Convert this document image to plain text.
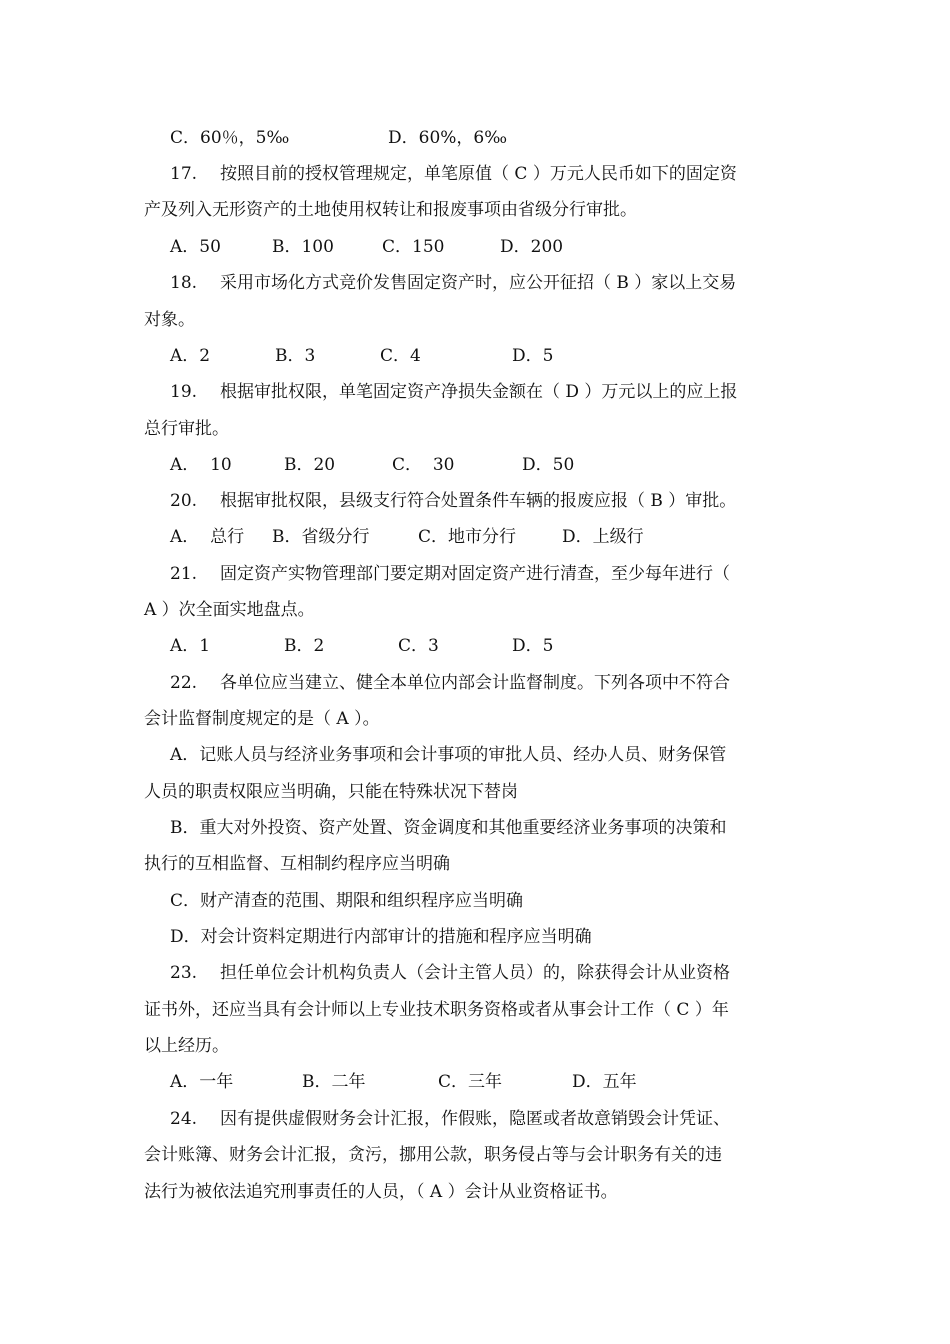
C．60％，5‰	D．60%，6‰
17. 按照目前的授权管理规定，单笔原值（ C ）万元人民币如下的固定资
产及列入无形资产的土地使用权转让和报废事项由省级分行审批。
A．50	B．100	C．150	D．200
18. 采用市场化方式竞价发售固定资产时，应公开征招（ B ）家以上交易
对象。
A．2	B．3	C．4	D．5
19. 根据审批权限，单笔固定资产净损失金额在（ D ）万元以上的应上报
总行审批。
A．  10	B．20	C．  30	D．50
20. 根据审批权限，县级支行符合处置条件车辆的报废应报（ B ）审批。
A．  总行 B．省级分行	C．地市分行	D．上级行
21. 固定资产实物管理部门要定期对固定资产进行清查，至少每年进行（
A ）次全面实地盘点。
A．1	B．2	C．3	D．5
22. 各单位应当建立、健全本单位内部会计监督制度。下列各项中不符合
会计监督制度规定的是（ A ）。
A．记账人员与经济业务事项和会计事项的审批人员、经办人员、财务保管
人员的职责权限应当明确，只能在特殊状况下替岗
B．重大对外投资、资产处置、资金调度和其他重要经济业务事项的决策和
执行的互相监督、互相制约程序应当明确
C．财产清查的范围、期限和组织程序应当明确
D．对会计资料定期进行内部审计的措施和程序应当明确
23. 担任单位会计机构负责人（会计主管人员）的，除获得会计从业资格
证书外，还应当具有会计师以上专业技术职务资格或者从事会计工作（ C ）年
以上经历。
A．一年	B．二年	C．三年	D．五年
24. 因有提供虚假财务会计汇报，作假账，隐匿或者故意销毁会计凭证、
会计账簿、财务会计汇报，贪污，挪用公款，职务侵占等与会计职务有关的违
法行为被依法追究刑事责任的人员，（ A ）会计从业资格证书。
